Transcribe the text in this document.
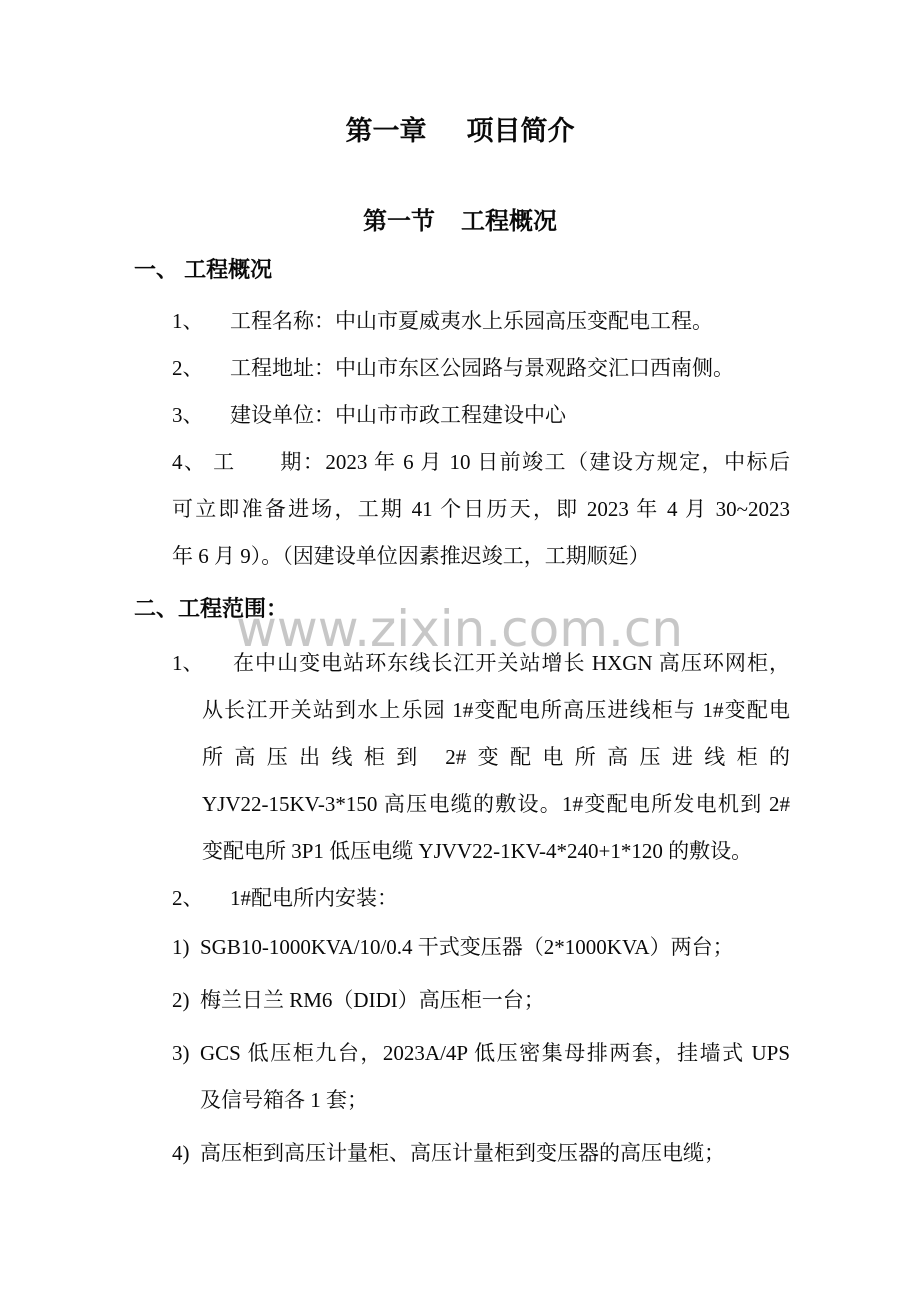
www.zixin.com.cn
第一章 项目简介
第一节 工程概况
一、 工程概况
1、 工程名称：中山市夏威夷水上乐园高压变配电工程。
2、 工程地址：中山市东区公园路与景观路交汇口西南侧。
3、 建设单位：中山市市政工程建设中心
4、 工　　期：2023 年 6 月 10 日前竣工（建设方规定，中标后
可立即准备进场，工期 41 个日历天，即 2023 年 4 月 30~2023
年 6 月 9）。（因建设单位因素推迟竣工，工期顺延）
二、工程范围：
1、	在中山变电站环东线长江开关站增长 HXGN 高压环网柜，
从长江开关站到水上乐园 1#变配电所高压进线柜与 1#变配电
所高压出线柜到 2#变配电所高压进线柜的
YJV22-15KV-3*150 高压电缆的敷设。1#变配电所发电机到 2#
变配电所 3P1 低压电缆 YJVV22-1KV-4*240+1*120 的敷设。
2、 1#配电所内安装：
1) SGB10-1000KVA/10/0.4 干式变压器（2*1000KVA）两台；
2) 梅兰日兰 RM6（DIDI）高压柜一台；
3) GCS 低压柜九台，2023A/4P 低压密集母排两套，挂墙式 UPS
及信号箱各 1 套；
4) 高压柜到高压计量柜、高压计量柜到变压器的高压电缆；
